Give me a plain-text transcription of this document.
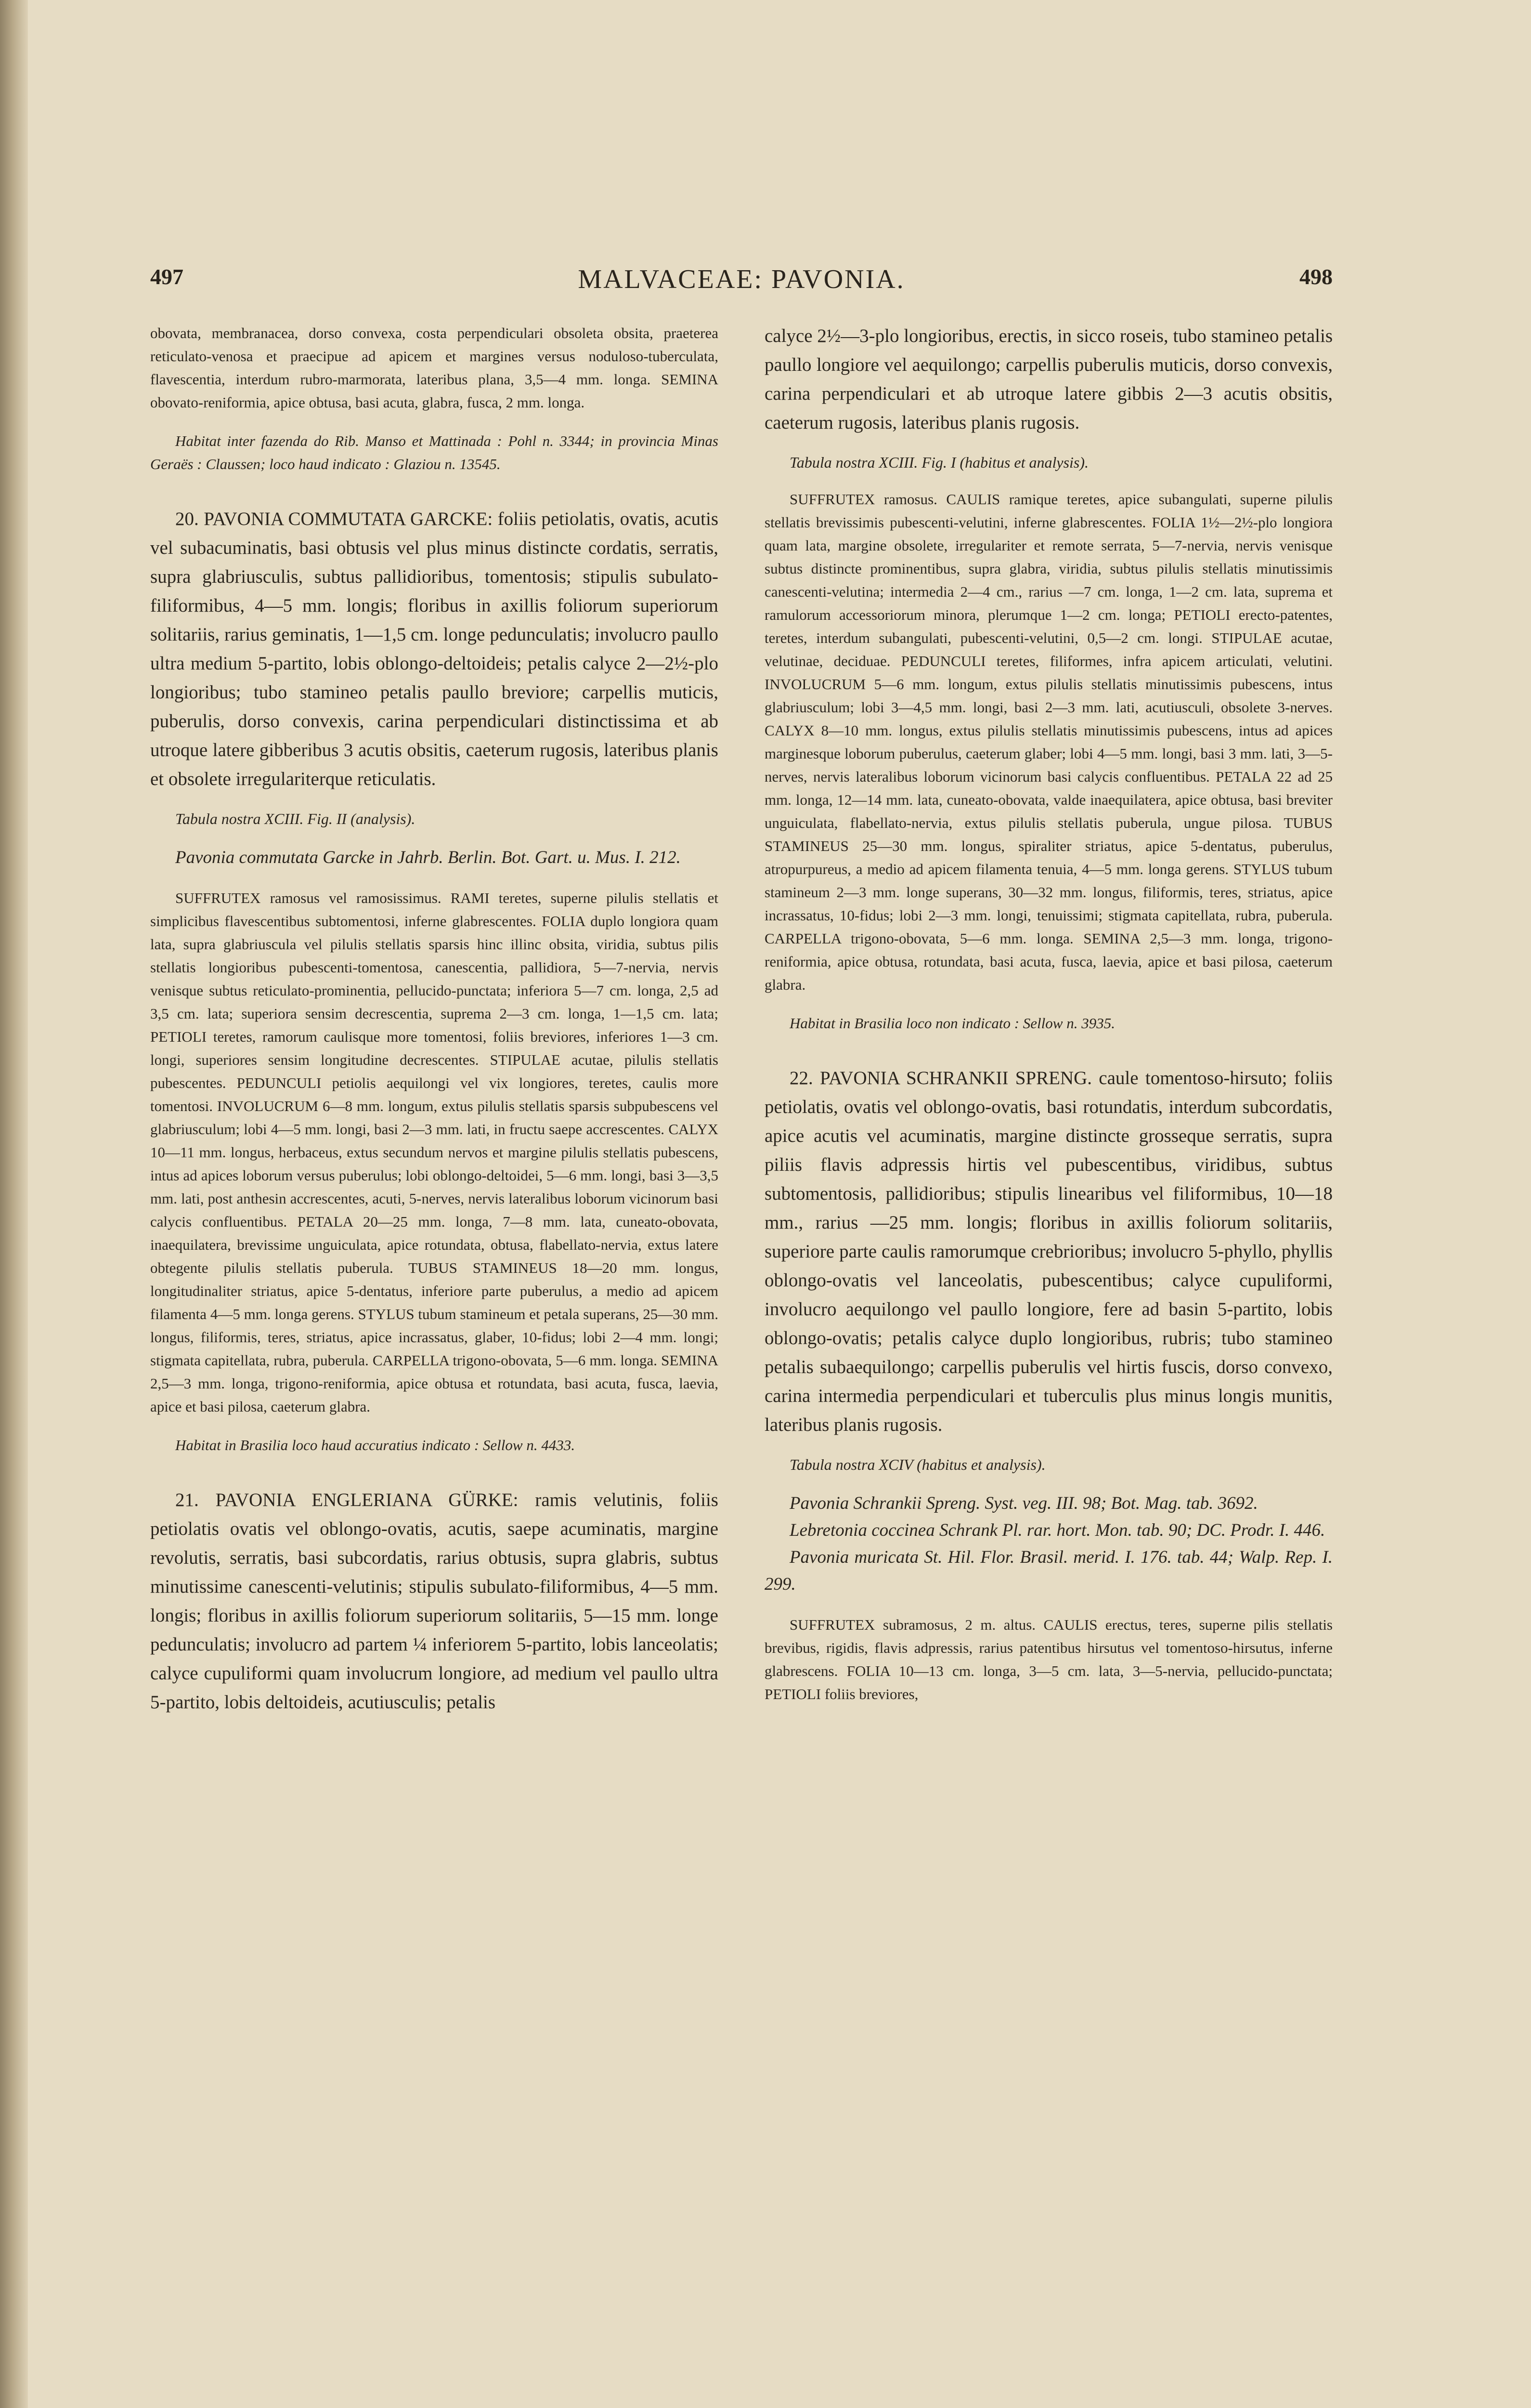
497	MALVACEAE: PAVONIA.	498

obovata, membranacea, dorso convexa, costa perpendiculari obsoleta obsita, praeterea reticulato-venosa et praecipue ad apicem et margines versus noduloso-tuberculata, flavescentia, interdum rubro-marmorata, lateribus plana, 3,5—4 mm. longa. SEMINA obovato-reniformia, apice obtusa, basi acuta, glabra, fusca, 2 mm. longa.

Habitat inter fazenda do Rib. Manso et Mattinada : Pohl n. 3344; in provincia Minas Geraës : Claussen; loco haud indicato : Glaziou n. 13545.

20. PAVONIA COMMUTATA GARCKE: foliis petiolatis, ovatis, acutis vel subacuminatis, basi obtusis vel plus minus distincte cordatis, serratis, supra glabriusculis, subtus pallidioribus, tomentosis; stipulis subulato-filiformibus, 4—5 mm. longis; floribus in axillis foliorum superiorum solitariis, rarius geminatis, 1—1,5 cm. longe pedunculatis; involucro paullo ultra medium 5-partito, lobis oblongo-deltoideis; petalis calyce 2—2½-plo longioribus; tubo stamineo petalis paullo breviore; carpellis muticis, puberulis, dorso convexis, carina perpendiculari distinctissima et ab utroque latere gibberibus 3 acutis obsitis, caeterum rugosis, lateribus planis et obsolete irregulariterque reticulatis.

Tabula nostra XCIII. Fig. II (analysis).

Pavonia commutata Garcke in Jahrb. Berlin. Bot. Gart. u. Mus. I. 212.

SUFFRUTEX ramosus vel ramosissimus. RAMI teretes, superne pilulis stellatis et simplicibus flavescentibus subtomentosi, inferne glabrescentes. FOLIA duplo longiora quam lata, supra glabriuscula vel pilulis stellatis sparsis hinc illinc obsita, viridia, subtus pilis stellatis longioribus pubescenti-tomentosa, canescentia, pallidiora, 5—7-nervia, nervis venisque subtus reticulato-prominentia, pellucido-punctata; inferiora 5—7 cm. longa, 2,5 ad 3,5 cm. lata; superiora sensim decrescentia, suprema 2—3 cm. longa, 1—1,5 cm. lata; PETIOLI teretes, ramorum caulisque more tomentosi, foliis breviores, inferiores 1—3 cm. longi, superiores sensim longitudine decrescentes. STIPULAE acutae, pilulis stellatis pubescentes. PEDUNCULI petiolis aequilongi vel vix longiores, teretes, caulis more tomentosi. INVOLUCRUM 6—8 mm. longum, extus pilulis stellatis sparsis subpubescens vel glabriusculum; lobi 4—5 mm. longi, basi 2—3 mm. lati, in fructu saepe accrescentes. CALYX 10—11 mm. longus, herbaceus, extus secundum nervos et margine pilulis stellatis pubescens, intus ad apices loborum versus puberulus; lobi oblongo-deltoidei, 5—6 mm. longi, basi 3—3,5 mm. lati, post anthesin accrescentes, acuti, 5-nerves, nervis lateralibus loborum vicinorum basi calycis confluentibus. PETALA 20—25 mm. longa, 7—8 mm. lata, cuneato-obovata, inaequilatera, brevissime unguiculata, apice rotundata, obtusa, flabellato-nervia, extus latere obtegente pilulis stellatis puberula. TUBUS STAMINEUS 18—20 mm. longus, longitudinaliter striatus, apice 5-dentatus, inferiore parte puberulus, a medio ad apicem filamenta 4—5 mm. longa gerens. STYLUS tubum stamineum et petala superans, 25—30 mm. longus, filiformis, teres, striatus, apice incrassatus, glaber, 10-fidus; lobi 2—4 mm. longi; stigmata capitellata, rubra, puberula. CARPELLA trigono-obovata, 5—6 mm. longa. SEMINA 2,5—3 mm. longa, trigono-reniformia, apice obtusa et rotundata, basi acuta, fusca, laevia, apice et basi pilosa, caeterum glabra.

Habitat in Brasilia loco haud accuratius indicato : Sellow n. 4433.

21. PAVONIA ENGLERIANA GÜRKE: ramis velutinis, foliis petiolatis ovatis vel oblongo-ovatis, acutis, saepe acuminatis, margine revolutis, serratis, basi subcordatis, rarius obtusis, supra glabris, subtus minutissime canescenti-velutinis; stipulis subulato-filiformibus, 4—5 mm. longis; floribus in axillis foliorum superiorum solitariis, 5—15 mm. longe pedunculatis; involucro ad partem ¼ inferiorem 5-partito, lobis lanceolatis; calyce cupuliformi quam involucrum longiore, ad medium vel paullo ultra 5-partito, lobis deltoideis, acutiusculis; petalis

calyce 2½—3-plo longioribus, erectis, in sicco roseis, tubo stamineo petalis paullo longiore vel aequilongo; carpellis puberulis muticis, dorso convexis, carina perpendiculari et ab utroque latere gibbis 2—3 acutis obsitis, caeterum rugosis, lateribus planis rugosis.

Tabula nostra XCIII. Fig. I (habitus et analysis).

SUFFRUTEX ramosus. CAULIS ramique teretes, apice subangulati, superne pilulis stellatis brevissimis pubescenti-velutini, inferne glabrescentes. FOLIA 1½—2½-plo longiora quam lata, margine obsolete, irregulariter et remote serrata, 5—7-nervia, nervis venisque subtus distincte prominentibus, supra glabra, viridia, subtus pilulis stellatis minutissimis canescenti-velutina; intermedia 2—4 cm., rarius —7 cm. longa, 1—2 cm. lata, suprema et ramulorum accessoriorum minora, plerumque 1—2 cm. longa; PETIOLI erecto-patentes, teretes, interdum subangulati, pubescenti-velutini, 0,5—2 cm. longi. STIPULAE acutae, velutinae, deciduae. PEDUNCULI teretes, filiformes, infra apicem articulati, velutini. INVOLUCRUM 5—6 mm. longum, extus pilulis stellatis minutissimis pubescens, intus glabriusculum; lobi 3—4,5 mm. longi, basi 2—3 mm. lati, acutiusculi, obsolete 3-nerves. CALYX 8—10 mm. longus, extus pilulis stellatis minutissimis pubescens, intus ad apices marginesque loborum puberulus, caeterum glaber; lobi 4—5 mm. longi, basi 3 mm. lati, 3—5-nerves, nervis lateralibus loborum vicinorum basi calycis confluentibus. PETALA 22 ad 25 mm. longa, 12—14 mm. lata, cuneato-obovata, valde inaequilatera, apice obtusa, basi breviter unguiculata, flabellato-nervia, extus pilulis stellatis puberula, ungue pilosa. TUBUS STAMINEUS 25—30 mm. longus, spiraliter striatus, apice 5-dentatus, puberulus, atropurpureus, a medio ad apicem filamenta tenuia, 4—5 mm. longa gerens. STYLUS tubum stamineum 2—3 mm. longe superans, 30—32 mm. longus, filiformis, teres, striatus, apice incrassatus, 10-fidus; lobi 2—3 mm. longi, tenuissimi; stigmata capitellata, rubra, puberula. CARPELLA trigono-obovata, 5—6 mm. longa. SEMINA 2,5—3 mm. longa, trigono-reniformia, apice obtusa, rotundata, basi acuta, fusca, laevia, apice et basi pilosa, caeterum glabra.

Habitat in Brasilia loco non indicato : Sellow n. 3935.

22. PAVONIA SCHRANKII SPRENG. caule tomentoso-hirsuto; foliis petiolatis, ovatis vel oblongo-ovatis, basi rotundatis, interdum subcordatis, apice acutis vel acuminatis, margine distincte grosseque serratis, supra piliis flavis adpressis hirtis vel pubescentibus, viridibus, subtus subtomentosis, pallidioribus; stipulis linearibus vel filiformibus, 10—18 mm., rarius —25 mm. longis; floribus in axillis foliorum solitariis, superiore parte caulis ramorumque crebrioribus; involucro 5-phyllo, phyllis oblongo-ovatis vel lanceolatis, pubescentibus; calyce cupuliformi, involucro aequilongo vel paullo longiore, fere ad basin 5-partito, lobis oblongo-ovatis; petalis calyce duplo longioribus, rubris; tubo stamineo petalis subaequilongo; carpellis puberulis vel hirtis fuscis, dorso convexo, carina intermedia perpendiculari et tuberculis plus minus longis munitis, lateribus planis rugosis.

Tabula nostra XCIV (habitus et analysis).

Pavonia Schrankii Spreng. Syst. veg. III. 98; Bot. Mag. tab. 3692.

Lebretonia coccinea Schrank Pl. rar. hort. Mon. tab. 90; DC. Prodr. I. 446.

Pavonia muricata St. Hil. Flor. Brasil. merid. I. 176. tab. 44; Walp. Rep. I. 299.

SUFFRUTEX subramosus, 2 m. altus. CAULIS erectus, teres, superne pilis stellatis brevibus, rigidis, flavis adpressis, rarius patentibus hirsutus vel tomentoso-hirsutus, inferne glabrescens. FOLIA 10—13 cm. longa, 3—5 cm. lata, 3—5-nervia, pellucido-punctata; PETIOLI foliis breviores,
